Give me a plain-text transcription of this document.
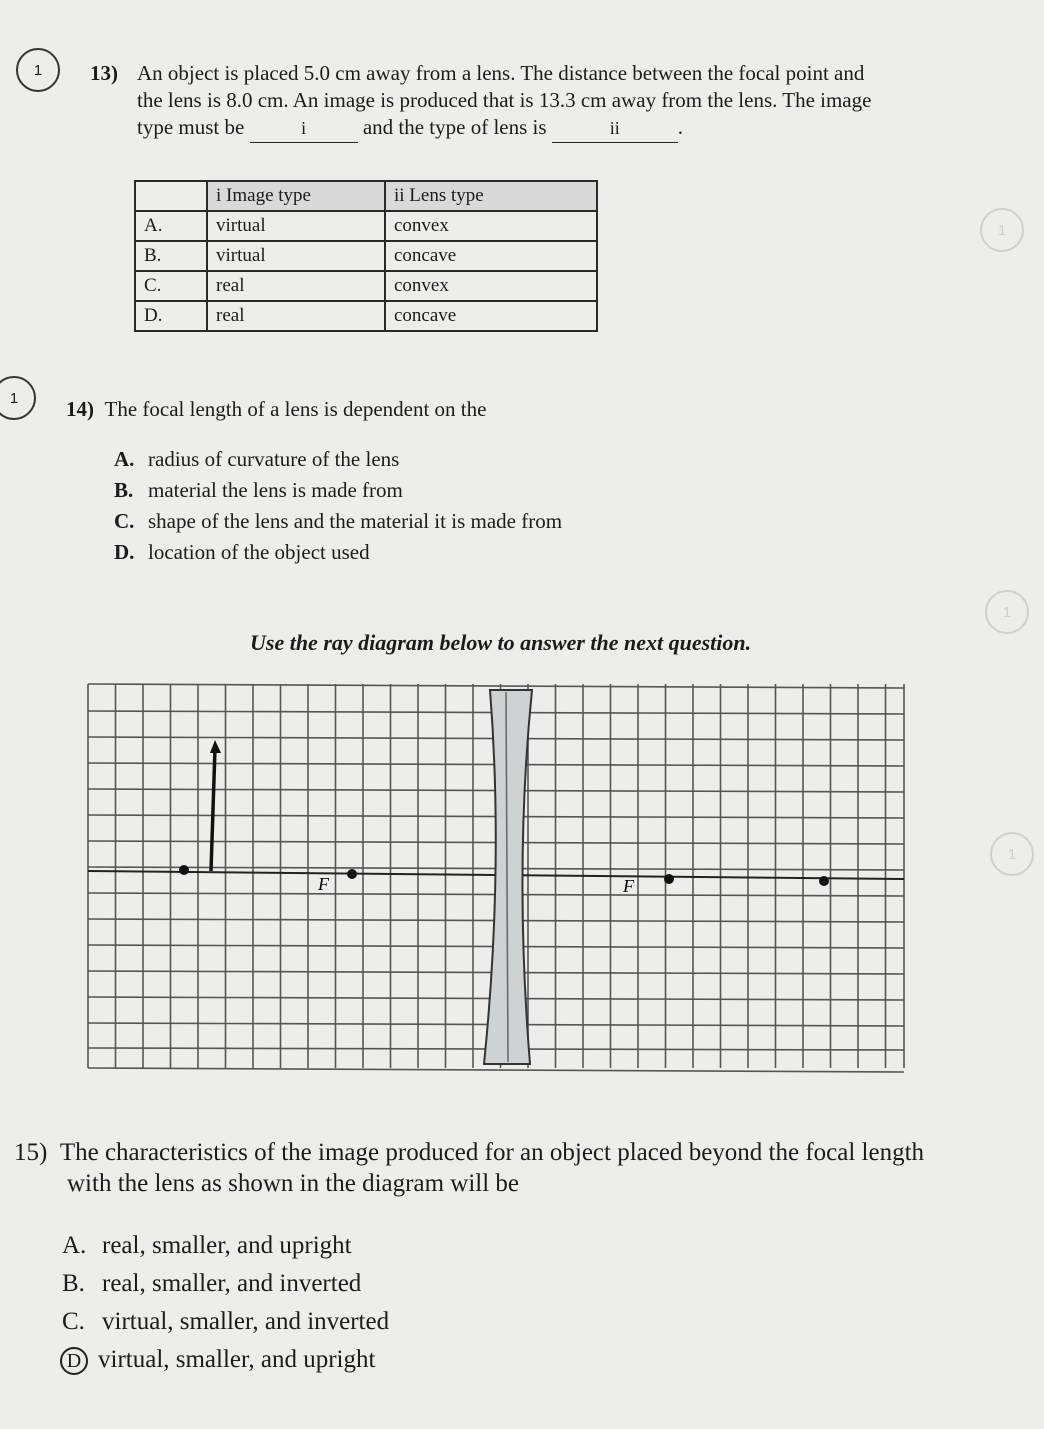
1	13) An object is placed 5.0 cm away from a lens. The distance between the focal point and
the lens is 8.0 cm. An image is produced that is 13.3 cm away from the lens. The image
type must be	i	and the type of lens is	ii	.
	i Image type	ii Lens type
A.	virtual	convex
B.	virtual	concave
C.	real	convex
D.	real	concave
1
1
1
1	14) The focal length of a lens is dependent on the
A. radius of curvature of the lens
B. material the lens is made from
C. shape of the lens and the material it is made from
D. location of the object used
Use the ray diagram below to answer the next question.
F	F
15) The characteristics of the image produced for an object placed beyond the focal length
with the lens as shown in the diagram will be
A. real, smaller, and upright
B. real, smaller, and inverted
C. virtual, smaller, and inverted
D virtual, smaller, and upright
